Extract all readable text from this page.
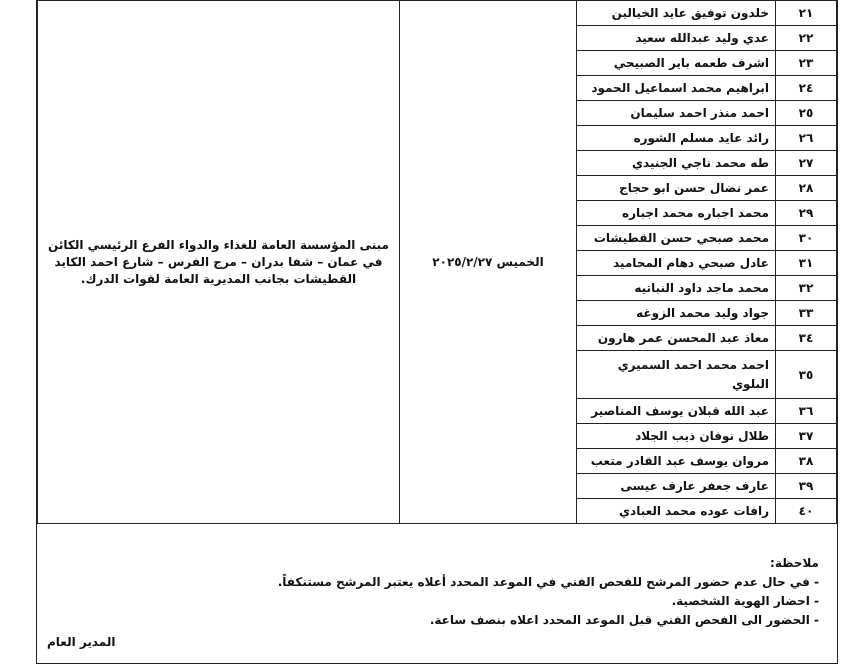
٢١	خلدون توفيق عايد الخيالين	الخميس ٢٠٢٥/٢/٢٧	مبنى المؤسسة العامة للغذاء والدواء الفرع الرئيسي الكائن في عمان – شفا بدران – مرج الفرس – شارع احمد الكايد القطيشات بجانب المديرية العامة لقوات الدرك.
٢٢	عدي وليد عبدالله سعيد		
٢٣	اشرف طعمه باير الصبيحي		
٢٤	ابراهيم محمد اسماعيل الحمود		
٢٥	احمد منذر احمد سليمان		
٢٦	رائد عايد مسلم الشوره		
٢٧	طه محمد ناجي الجنيدي		
٢٨	عمر نضال حسن ابو حجاج		
٢٩	محمد اجباره محمد اجباره		
٣٠	محمد صبحي حسن القطيشات		
٣١	عادل صبحي دهام المحاميد		
٣٢	محمد ماجد داود النباتيه		
٣٣	جواد وليد محمد الزوغه		
٣٤	معاذ عبد المحسن عمر هارون		
٣٥	احمد محمد احمد السميري البلوي		
٣٦	عبد الله قبلان يوسف المناصير		
٣٧	طلال نوفان ذيب الجلاد		
٣٨	مروان يوسف عبد القادر متعب		
٣٩	عارف جعفر عارف عيسى		
٤٠	رافات عوده محمد العبادي		
ملاحظة:
- في حال عدم حضور المرشح للفحص الفني في الموعد المحدد أعلاه يعتبر المرشح مستنكفاً.
- احضار الهوية الشخصية.
- الحضور الى الفحص الفني قبل الموعد المحدد اعلاه بنصف ساعة.
المدير العام
